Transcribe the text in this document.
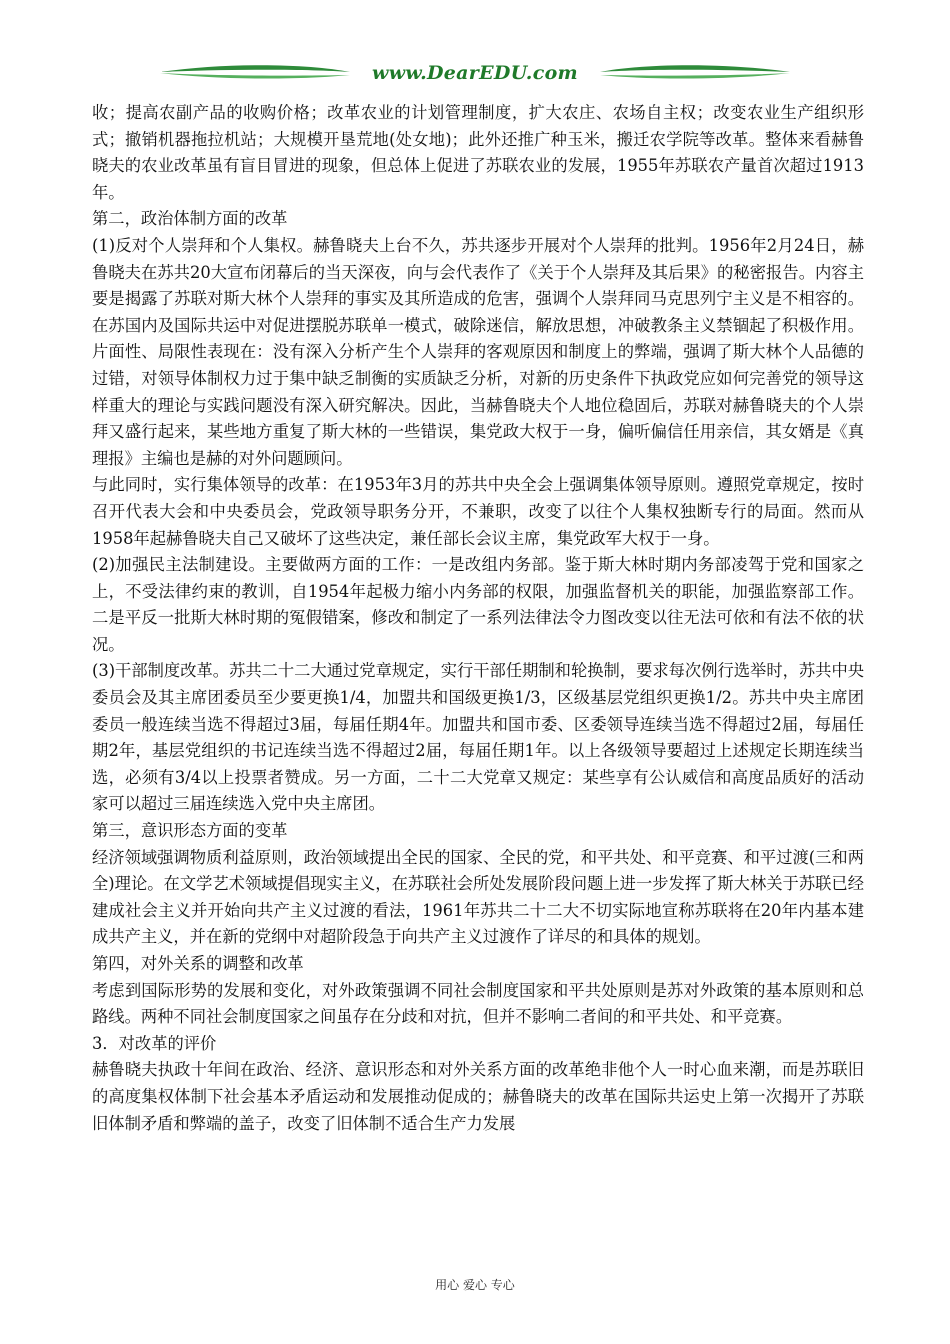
www.DearEDU.com

收；提高农副产品的收购价格；改革农业的计划管理制度，扩大农庄、农场自主权；改变农业生产组织形式；撤销机器拖拉机站；大规模开垦荒地(处女地)；此外还推广种玉米，搬迁农学院等改革。整体来看赫鲁晓夫的农业改革虽有盲目冒进的现象，但总体上促进了苏联农业的发展，1955年苏联农产量首次超过1913年。

第二，政治体制方面的改革

(1)反对个人崇拜和个人集权。赫鲁晓夫上台不久，苏共逐步开展对个人崇拜的批判。1956年2月24日，赫鲁晓夫在苏共20大宣布闭幕后的当天深夜，向与会代表作了《关于个人崇拜及其后果》的秘密报告。内容主要是揭露了苏联对斯大林个人崇拜的事实及其所造成的危害，强调个人崇拜同马克思列宁主义是不相容的。在苏国内及国际共运中对促进摆脱苏联单一模式，破除迷信，解放思想，冲破教条主义禁锢起了积极作用。片面性、局限性表现在：没有深入分析产生个人崇拜的客观原因和制度上的弊端，强调了斯大林个人品德的过错，对领导体制权力过于集中缺乏制衡的实质缺乏分析，对新的历史条件下执政党应如何完善党的领导这样重大的理论与实践问题没有深入研究解决。因此，当赫鲁晓夫个人地位稳固后，苏联对赫鲁晓夫的个人崇拜又盛行起来，某些地方重复了斯大林的一些错误，集党政大权于一身，偏听偏信任用亲信，其女婿是《真理报》主编也是赫的对外问题顾问。

与此同时，实行集体领导的改革：在1953年3月的苏共中央全会上强调集体领导原则。遵照党章规定，按时召开代表大会和中央委员会，党政领导职务分开，不兼职，改变了以往个人集权独断专行的局面。然而从1958年起赫鲁晓夫自己又破坏了这些决定，兼任部长会议主席，集党政军大权于一身。

(2)加强民主法制建设。主要做两方面的工作：一是改组内务部。鉴于斯大林时期内务部凌驾于党和国家之上，不受法律约束的教训，自1954年起极力缩小内务部的权限，加强监督机关的职能，加强监察部工作。二是平反一批斯大林时期的冤假错案，修改和制定了一系列法律法令力图改变以往无法可依和有法不依的状况。

(3)干部制度改革。苏共二十二大通过党章规定，实行干部任期制和轮换制，要求每次例行选举时，苏共中央委员会及其主席团委员至少要更换1/4，加盟共和国级更换1/3，区级基层党组织更换1/2。苏共中央主席团委员一般连续当选不得超过3届，每届任期4年。加盟共和国市委、区委领导连续当选不得超过2届，每届任期2年，基层党组织的书记连续当选不得超过2届，每届任期1年。以上各级领导要超过上述规定长期连续当选，必须有3/4以上投票者赞成。另一方面，二十二大党章又规定：某些享有公认威信和高度品质好的活动家可以超过三届连续选入党中央主席团。

第三，意识形态方面的变革

经济领域强调物质利益原则，政治领域提出全民的国家、全民的党，和平共处、和平竞赛、和平过渡(三和两全)理论。在文学艺术领域提倡现实主义，在苏联社会所处发展阶段问题上进一步发挥了斯大林关于苏联已经建成社会主义并开始向共产主义过渡的看法，1961年苏共二十二大不切实际地宣称苏联将在20年内基本建成共产主义，并在新的党纲中对超阶段急于向共产主义过渡作了详尽的和具体的规划。

第四，对外关系的调整和改革

考虑到国际形势的发展和变化，对外政策强调不同社会制度国家和平共处原则是苏对外政策的基本原则和总路线。两种不同社会制度国家之间虽存在分歧和对抗，但并不影响二者间的和平共处、和平竞赛。

3．对改革的评价

赫鲁晓夫执政十年间在政治、经济、意识形态和对外关系方面的改革绝非他个人一时心血来潮，而是苏联旧的高度集权体制下社会基本矛盾运动和发展推动促成的；赫鲁晓夫的改革在国际共运史上第一次揭开了苏联旧体制矛盾和弊端的盖子，改变了旧体制不适合生产力发展

用心 爱心 专心
